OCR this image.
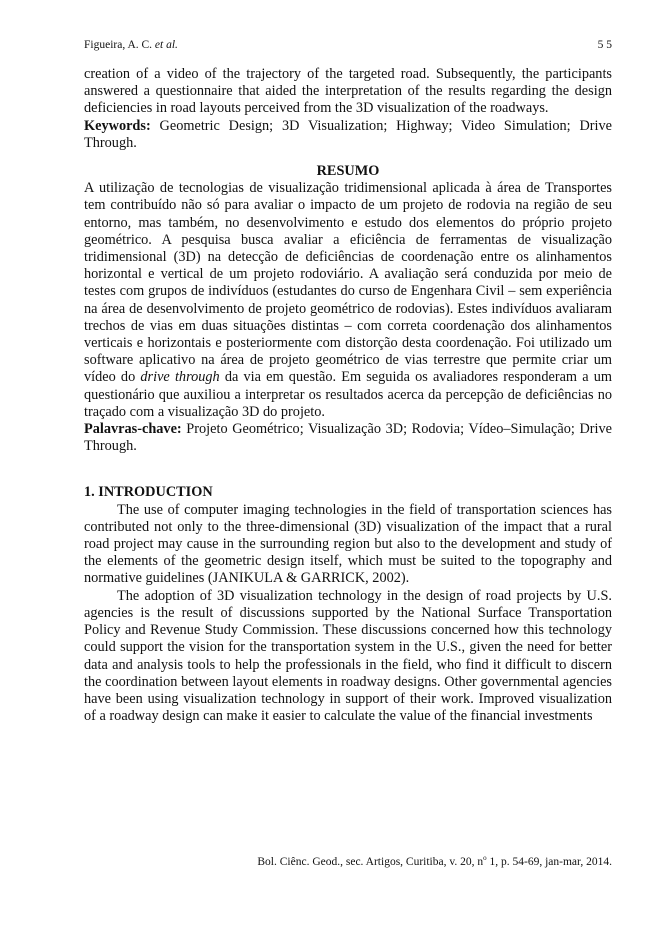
Figueira, A. C. et al.	5 5

creation of a video of the trajectory of the targeted road. Subsequently, the participants answered a questionnaire that aided the interpretation of the results regarding the design deficiencies in road layouts perceived from the 3D visualization of the roadways.

Keywords: Geometric Design; 3D Visualization; Highway; Video Simulation; Drive Through.

RESUMO

A utilização de tecnologias de visualização tridimensional aplicada à área de Transportes tem contribuído não só para avaliar o impacto de um projeto de rodovia na região de seu entorno, mas também, no desenvolvimento e estudo dos elementos do próprio projeto geométrico. A pesquisa busca avaliar a eficiência de ferramentas de visualização tridimensional (3D) na detecção de deficiências de coordenação entre os alinhamentos horizontal e vertical de um projeto rodoviário. A avaliação será conduzida por meio de testes com grupos de indivíduos (estudantes do curso de Engenhara Civil – sem experiência na área de desenvolvimento de projeto geométrico de rodovias). Estes indivíduos avaliaram trechos de vias em duas situações distintas – com correta coordenação dos alinhamentos verticais e horizontais e posteriormente com distorção desta coordenação. Foi utilizado um software aplicativo na área de projeto geométrico de vias terrestre que permite criar um vídeo do drive through da via em questão. Em seguida os avaliadores responderam a um questionário que auxiliou a interpretar os resultados acerca da percepção de deficiências no traçado com a visualização 3D do projeto.

Palavras-chave: Projeto Geométrico; Visualização 3D; Rodovia; Vídeo–Simulação; Drive Through.

1. INTRODUCTION

The use of computer imaging technologies in the field of transportation sciences has contributed not only to the three-dimensional (3D) visualization of the impact that a rural road project may cause in the surrounding region but also to the development and study of the elements of the geometric design itself, which must be suited to the topography and normative guidelines (JANIKULA & GARRICK, 2002).

The adoption of 3D visualization technology in the design of road projects by U.S. agencies is the result of discussions supported by the National Surface Transportation Policy and Revenue Study Commission. These discussions concerned how this technology could support the vision for the transportation system in the U.S., given the need for better data and analysis tools to help the professionals in the field, who find it difficult to discern the coordination between layout elements in roadway designs. Other governmental agencies have been using visualization technology in support of their work. Improved visualization of a roadway design can make it easier to calculate the value of the financial investments

Bol. Ciênc. Geod., sec. Artigos, Curitiba, v. 20, $n^o$ 1, p. 54-69, jan-mar, 2014.
